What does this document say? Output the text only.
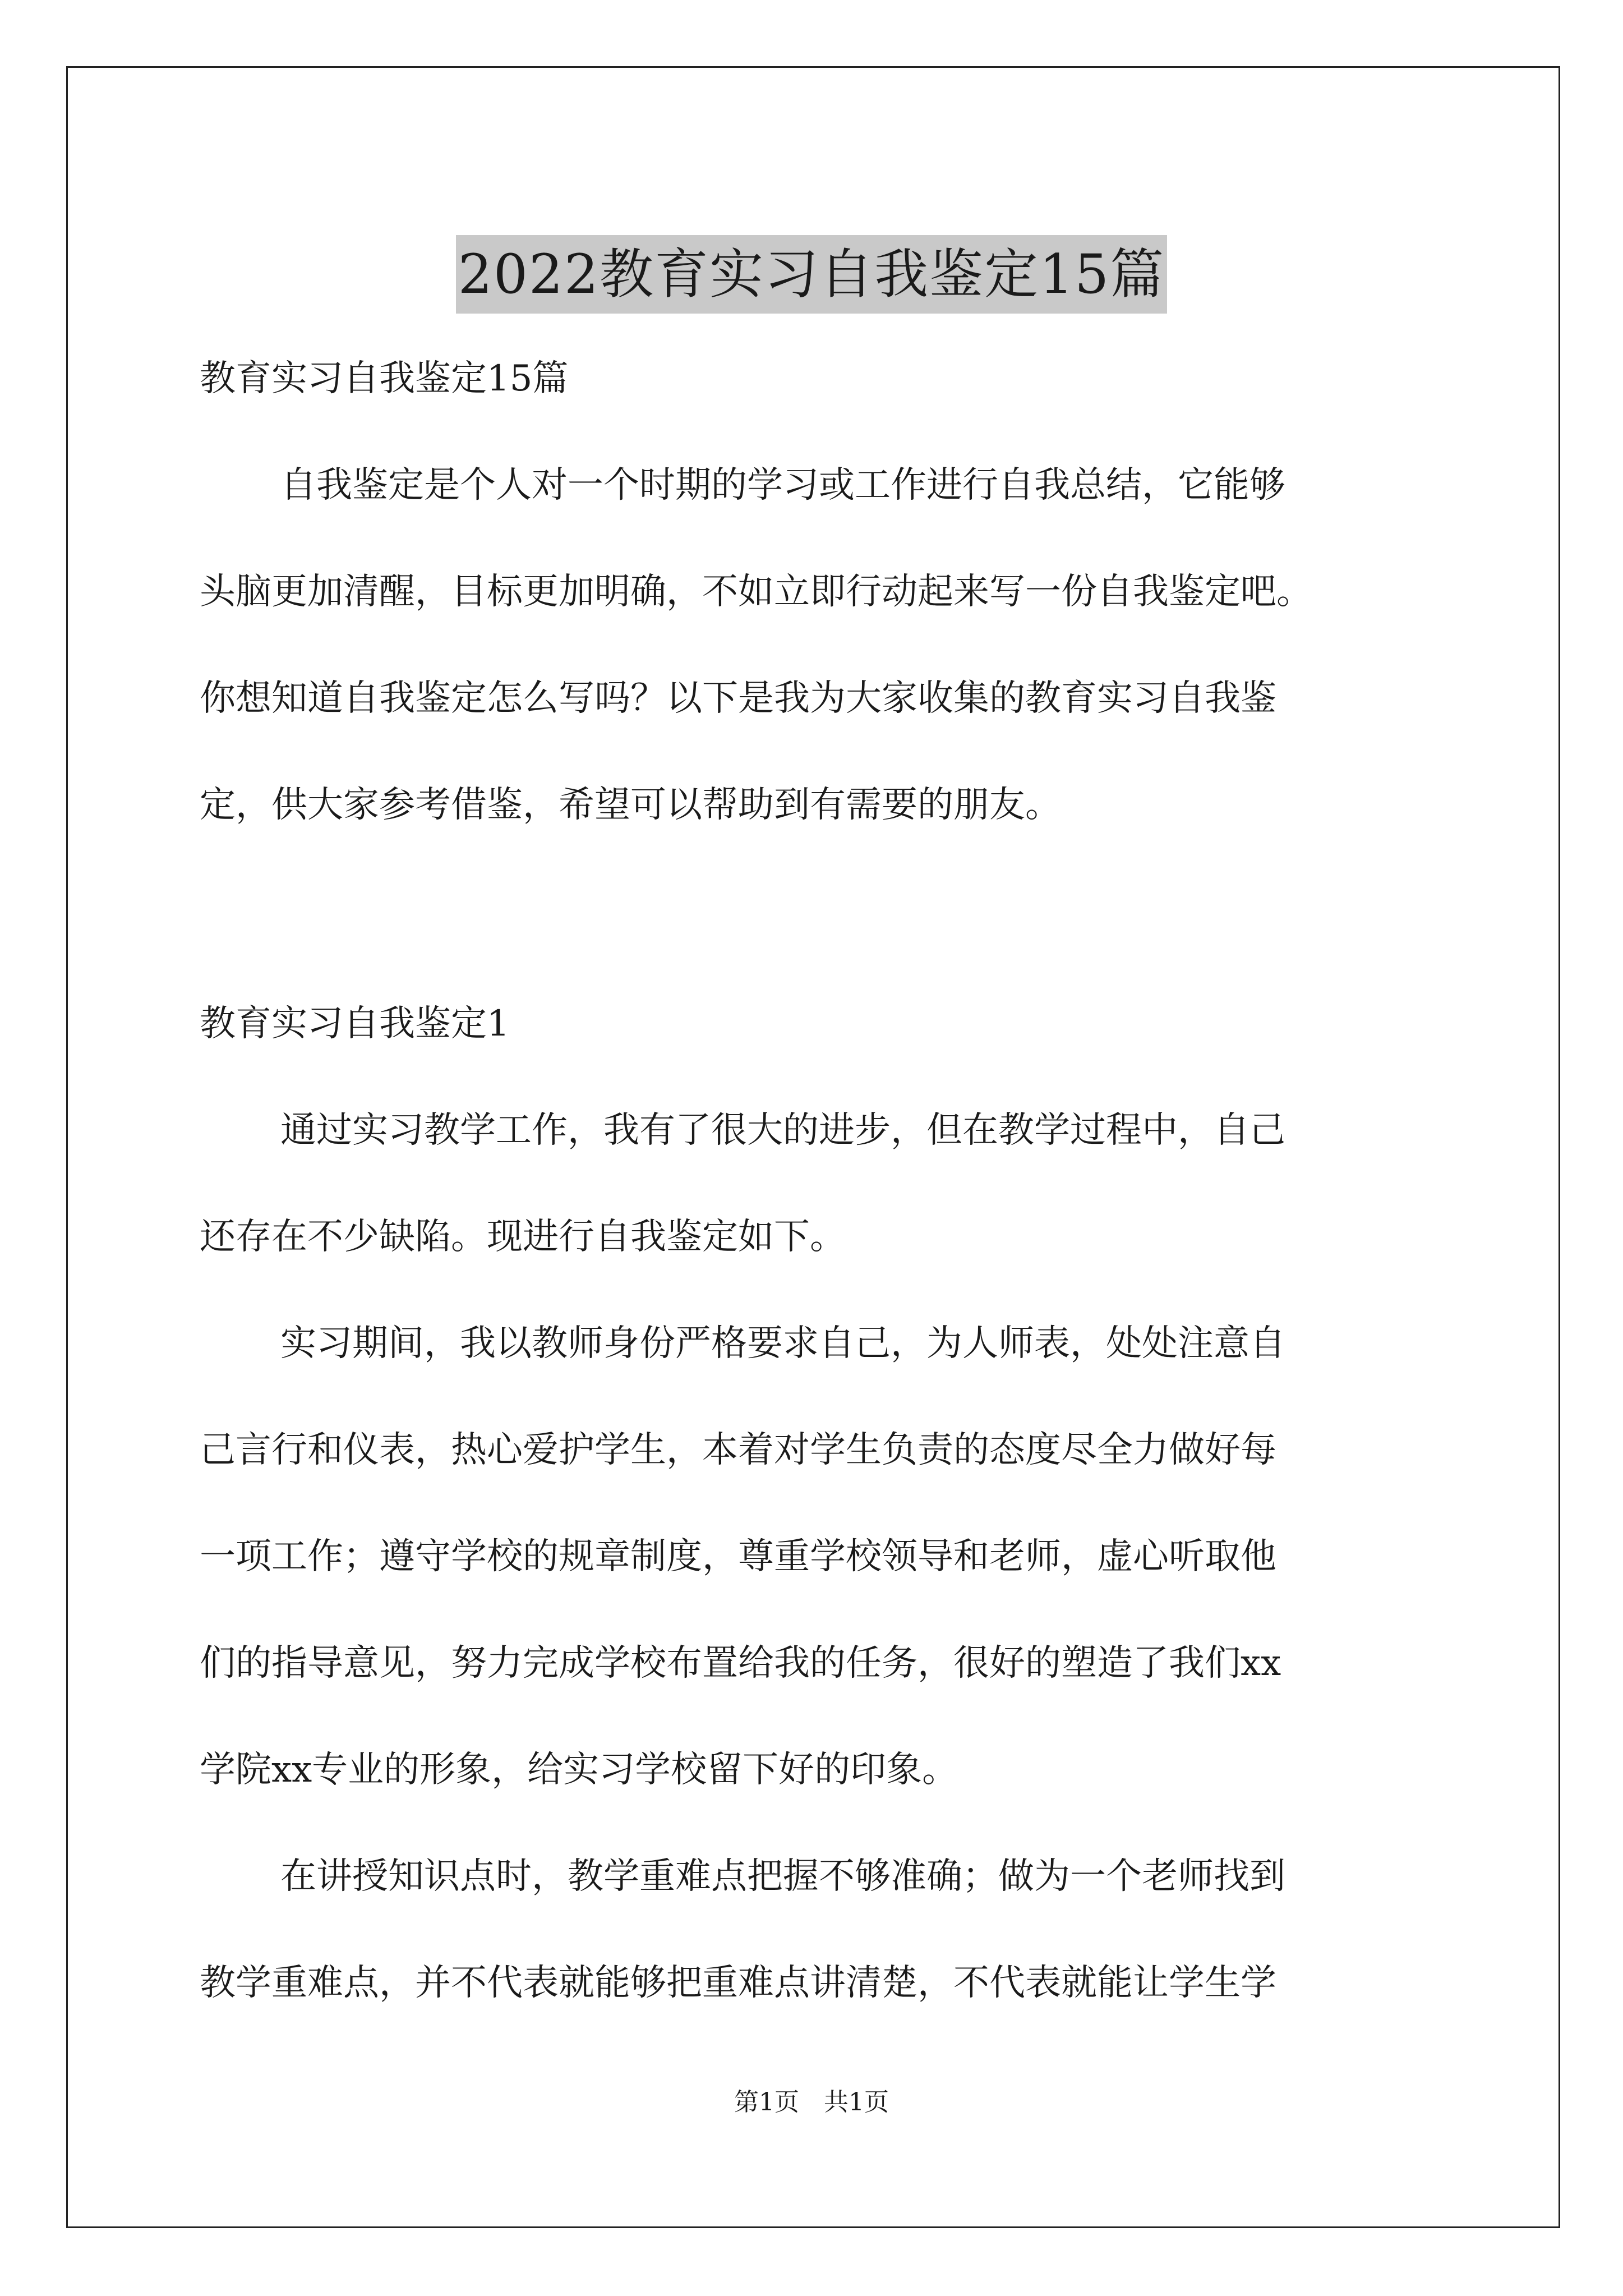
2022教育实习自我鉴定15篇
教育实习自我鉴定15篇
自我鉴定是个人对一个时期的学习或工作进行自我总结，它能够
头脑更加清醒，目标更加明确，不如立即行动起来写一份自我鉴定吧。
你想知道自我鉴定怎么写吗？以下是我为大家收集的教育实习自我鉴
定，供大家参考借鉴，希望可以帮助到有需要的朋友。
教育实习自我鉴定1
通过实习教学工作，我有了很大的进步，但在教学过程中，自己
还存在不少缺陷。现进行自我鉴定如下。
实习期间，我以教师身份严格要求自己，为人师表，处处注意自
己言行和仪表，热心爱护学生，本着对学生负责的态度尽全力做好每
一项工作；遵守学校的规章制度，尊重学校领导和老师，虚心听取他
们的指导意见，努力完成学校布置给我的任务，很好的塑造了我们xx
学院xx专业的形象，给实习学校留下好的印象。
在讲授知识点时，教学重难点把握不够准确；做为一个老师找到
教学重难点，并不代表就能够把重难点讲清楚，不代表就能让学生学
第1页　共1页
